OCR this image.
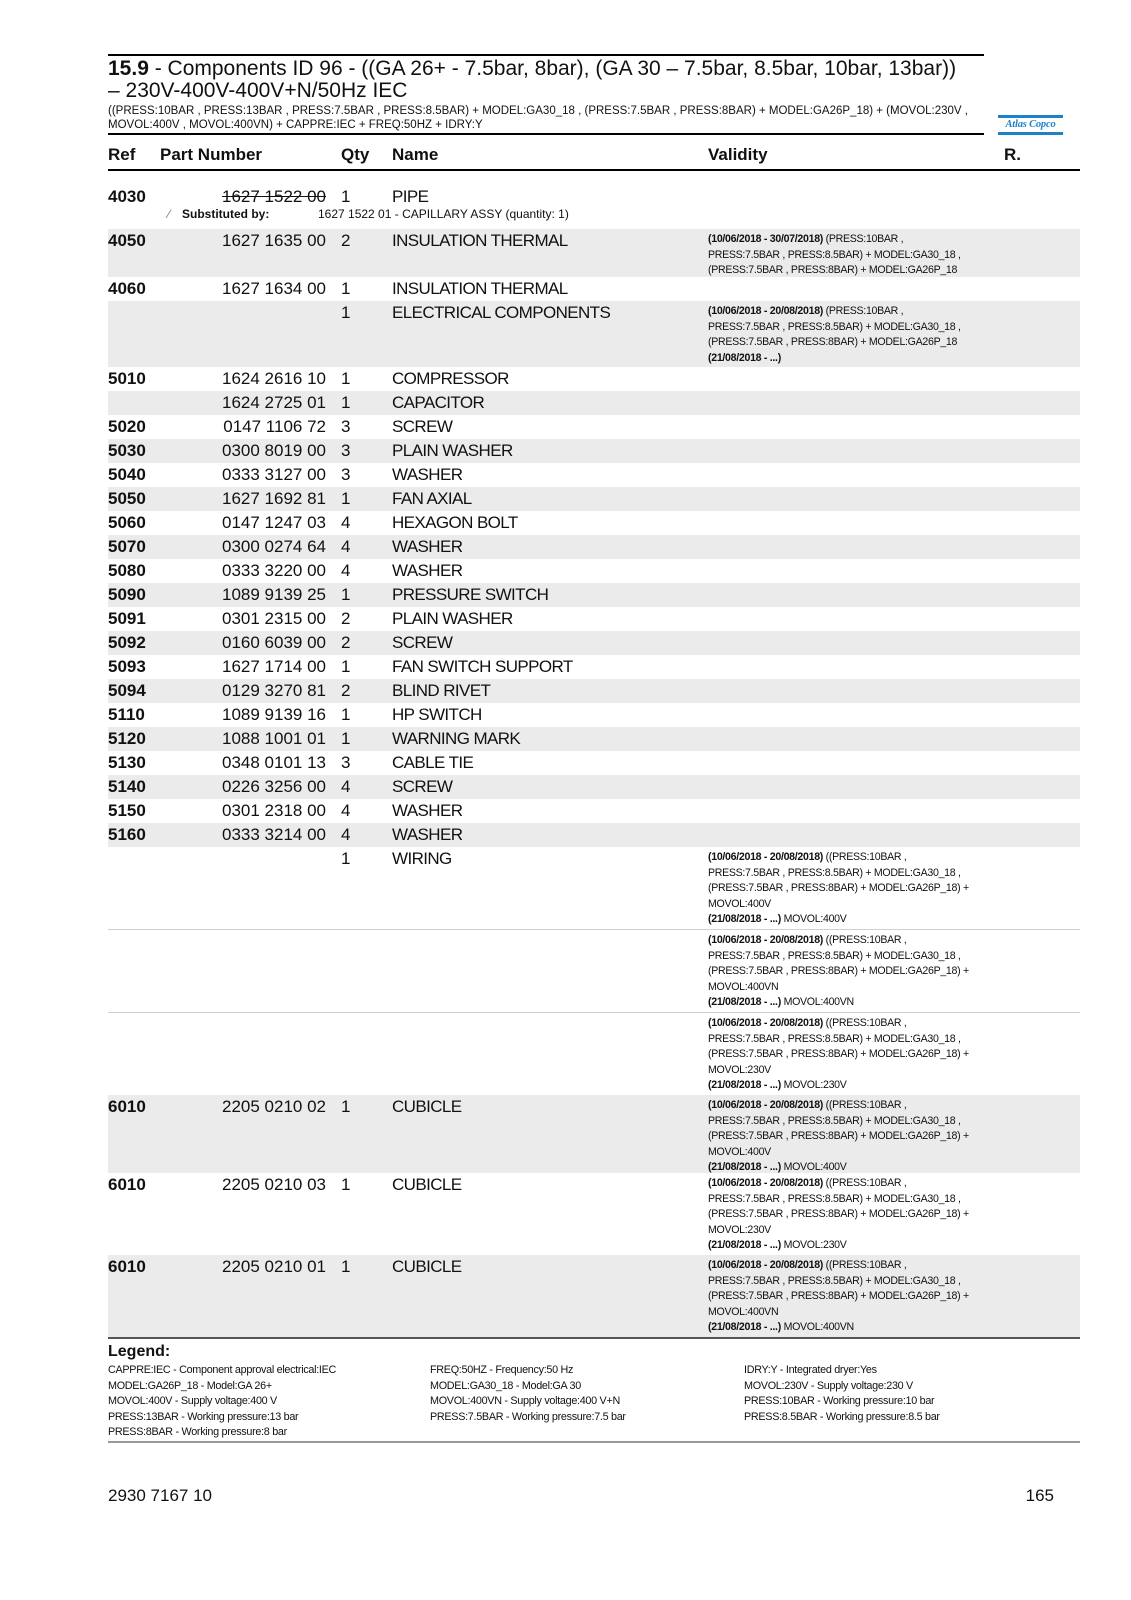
15.9 - Components ID 96 - ((GA 26+ - 7.5bar, 8bar), (GA 30 – 7.5bar, 8.5bar, 10bar, 13bar)) – 230V-400V-400V+N/50Hz IEC
((PRESS:10BAR , PRESS:13BAR , PRESS:7.5BAR , PRESS:8.5BAR) + MODEL:GA30_18 , (PRESS:7.5BAR , PRESS:8BAR) + MODEL:GA26P_18) + (MOVOL:230V , MOVOL:400V , MOVOL:400VN) + CAPPRE:IEC + FREQ:50HZ + IDRY:Y	Atlas Copco
Ref Part Number	Qty Name	Validity	R.
4030	1627 1522 00 1 PIPE
∕ Substituted by:	1627 1522 01 - CAPILLARY ASSY (quantity: 1)
4050	1627 1635 00 2 INSULATION THERMAL	(10/06/2018 - 30/07/2018) (PRESS:10BAR ,
PRESS:7.5BAR , PRESS:8.5BAR) + MODEL:GA30_18 ,
(PRESS:7.5BAR , PRESS:8BAR) + MODEL:GA26P_18
4060	1627 1634 00 1 INSULATION THERMAL
1 ELECTRICAL COMPONENTS	(10/06/2018 - 20/08/2018) (PRESS:10BAR ,
PRESS:7.5BAR , PRESS:8.5BAR) + MODEL:GA30_18 ,
(PRESS:7.5BAR , PRESS:8BAR) + MODEL:GA26P_18
(21/08/2018 - ...)
5010	1624 2616 10 1 COMPRESSOR
1624 2725 01 1 CAPACITOR
5020	0147 1106 72 3 SCREW
5030	0300 8019 00 3 PLAIN WASHER
5040	0333 3127 00 3 WASHER
5050	1627 1692 81 1 FAN AXIAL
5060	0147 1247 03 4 HEXAGON BOLT
5070	0300 0274 64 4 WASHER
5080	0333 3220 00 4 WASHER
5090	1089 9139 25 1 PRESSURE SWITCH
5091	0301 2315 00 2 PLAIN WASHER
5092	0160 6039 00 2 SCREW
5093	1627 1714 00 1 FAN SWITCH SUPPORT
5094	0129 3270 81 2 BLIND RIVET
5110	1089 9139 16 1 HP SWITCH
5120	1088 1001 01 1 WARNING MARK
5130	0348 0101 13 3 CABLE TIE
5140	0226 3256 00 4 SCREW
5150	0301 2318 00 4 WASHER
5160	0333 3214 00 4 WASHER
1 WIRING	(10/06/2018 - 20/08/2018) ((PRESS:10BAR ,
PRESS:7.5BAR , PRESS:8.5BAR) + MODEL:GA30_18 ,
(PRESS:7.5BAR , PRESS:8BAR) + MODEL:GA26P_18) +
MOVOL:400V
(21/08/2018 - ...) MOVOL:400V
(10/06/2018 - 20/08/2018) ((PRESS:10BAR ,
PRESS:7.5BAR , PRESS:8.5BAR) + MODEL:GA30_18 ,
(PRESS:7.5BAR , PRESS:8BAR) + MODEL:GA26P_18) +
MOVOL:400VN
(21/08/2018 - ...) MOVOL:400VN
(10/06/2018 - 20/08/2018) ((PRESS:10BAR ,
PRESS:7.5BAR , PRESS:8.5BAR) + MODEL:GA30_18 ,
(PRESS:7.5BAR , PRESS:8BAR) + MODEL:GA26P_18) +
MOVOL:230V
(21/08/2018 - ...) MOVOL:230V
6010	2205 0210 02 1 CUBICLE	(10/06/2018 - 20/08/2018) ((PRESS:10BAR ,
PRESS:7.5BAR , PRESS:8.5BAR) + MODEL:GA30_18 ,
(PRESS:7.5BAR , PRESS:8BAR) + MODEL:GA26P_18) +
MOVOL:400V
(21/08/2018 - ...) MOVOL:400V
6010	2205 0210 03 1 CUBICLE	(10/06/2018 - 20/08/2018) ((PRESS:10BAR ,
PRESS:7.5BAR , PRESS:8.5BAR) + MODEL:GA30_18 ,
(PRESS:7.5BAR , PRESS:8BAR) + MODEL:GA26P_18) +
MOVOL:230V
(21/08/2018 - ...) MOVOL:230V
6010	2205 0210 01 1 CUBICLE	(10/06/2018 - 20/08/2018) ((PRESS:10BAR ,
PRESS:7.5BAR , PRESS:8.5BAR) + MODEL:GA30_18 ,
(PRESS:7.5BAR , PRESS:8BAR) + MODEL:GA26P_18) +
MOVOL:400VN
(21/08/2018 - ...) MOVOL:400VN
Legend:
CAPPRE:IEC - Component approval electrical:IEC
MODEL:GA26P_18 - Model:GA 26+
MOVOL:400V - Supply voltage:400 V
PRESS:13BAR - Working pressure:13 bar
PRESS:8BAR - Working pressure:8 bar
FREQ:50HZ - Frequency:50 Hz
MODEL:GA30_18 - Model:GA 30
MOVOL:400VN - Supply voltage:400 V+N
PRESS:7.5BAR - Working pressure:7.5 bar
IDRY:Y - Integrated dryer:Yes
MOVOL:230V - Supply voltage:230 V
PRESS:10BAR - Working pressure:10 bar
PRESS:8.5BAR - Working pressure:8.5 bar
2930 7167 10	165
